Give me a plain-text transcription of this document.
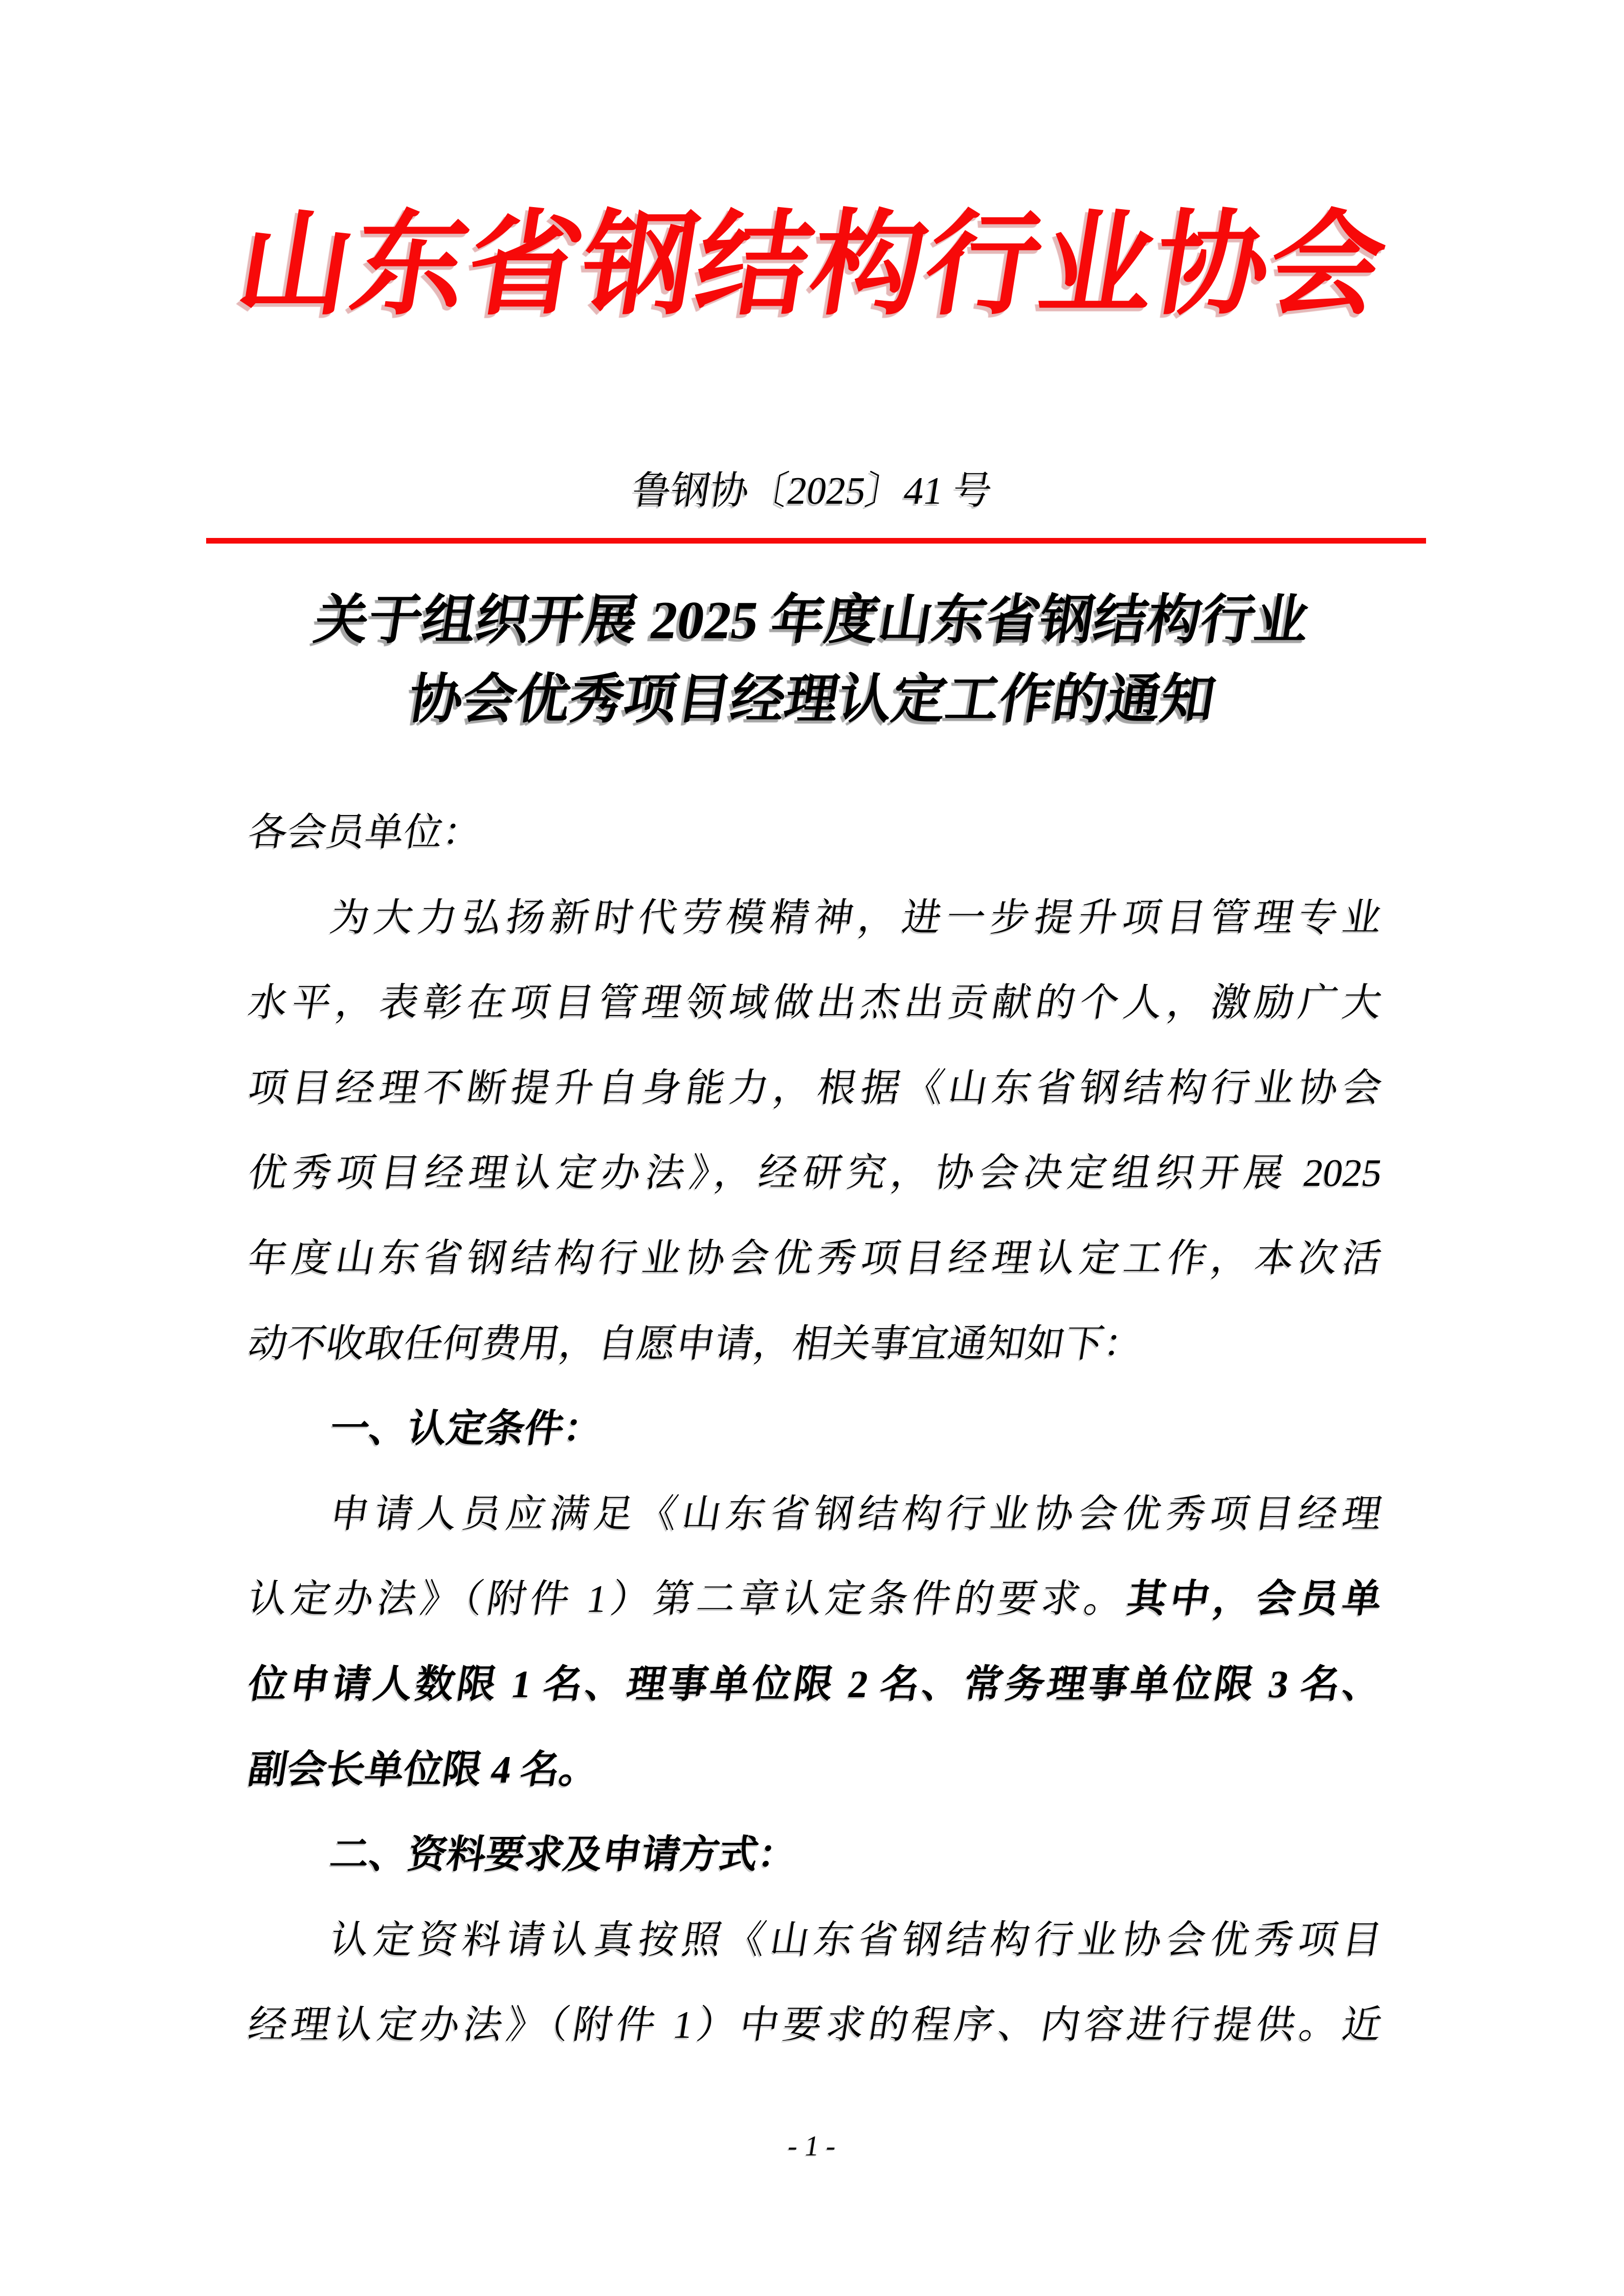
山东省钢结构行业协会
鲁钢协〔2025〕41 号
关于组织开展 2025 年度山东省钢结构行业
协会优秀项目经理认定工作的通知
各会员单位：
为大力弘扬新时代劳模精神，进一步提升项目管理专业
水平，表彰在项目管理领域做出杰出贡献的个人，激励广大
项目经理不断提升自身能力，根据《山东省钢结构行业协会
优秀项目经理认定办法》，经研究，协会决定组织开展 2025
年度山东省钢结构行业协会优秀项目经理认定工作，本次活
动不收取任何费用，自愿申请，相关事宜通知如下：
一、认定条件：
申请人员应满足《山东省钢结构行业协会优秀项目经理
认定办法》（附件 1）第二章认定条件的要求。其中，会员单
位申请人数限 1 名、理事单位限 2 名、常务理事单位限 3 名、
副会长单位限 4 名。
二、资料要求及申请方式：
认定资料请认真按照《山东省钢结构行业协会优秀项目
经理认定办法》（附件 1）中要求的程序、内容进行提供。近
- 1 -
